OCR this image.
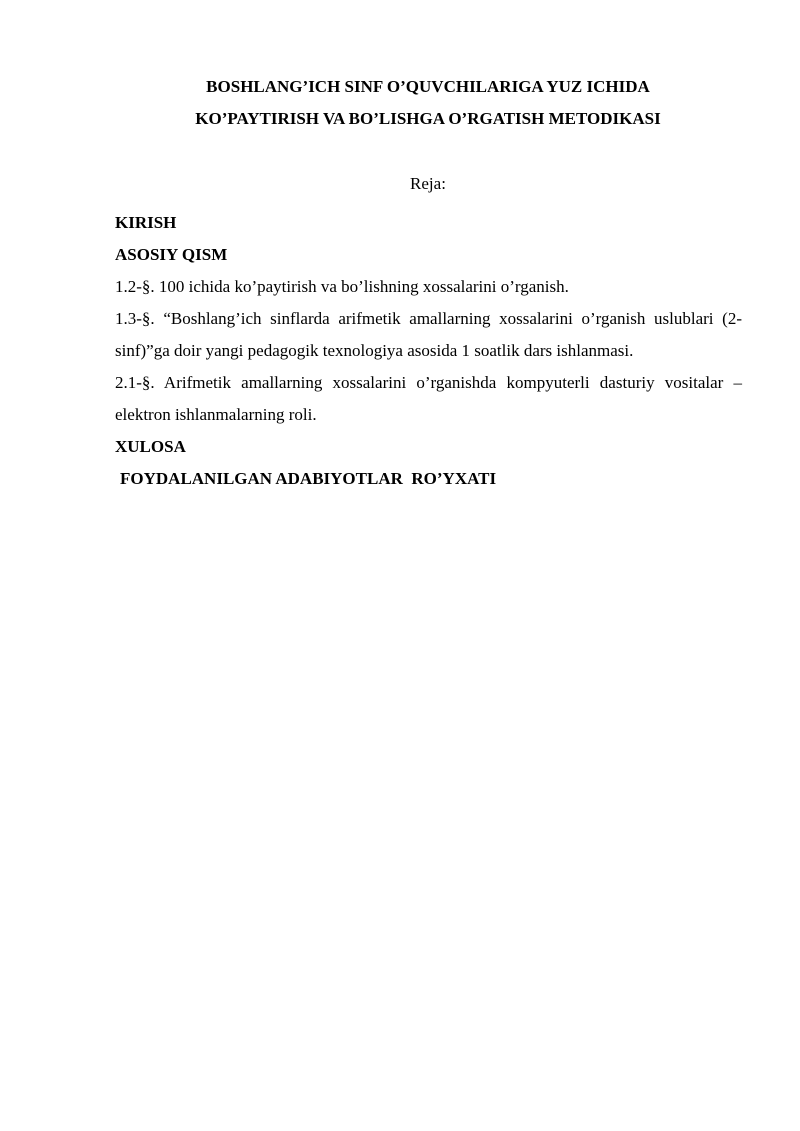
BOSHLANG’ICH SINF O’QUVCHILARIGA YUZ ICHIDA
KO’PAYTIRISH VA BO’LISHGA O’RGATISH METODIKASI
Reja:

KIRISH

ASOSIY QISM

1.2-§. 100 ichida ko’paytirish va bo’lishning xossalarini o’rganish.

1.3-§. “Boshlang’ich sinflarda arifmetik amallarning xossalarini o’rganish uslublari (2-sinf)”ga doir yangi pedagogik texnologiya asosida 1 soatlik dars ishlanmasi.

2.1-§. Arifmetik amallarning xossalarini o’rganishda kompyuterli dasturiy vositalar – elektron ishlanmalarning roli.

XULOSA

FOYDALANILGAN ADABIYOTLAR  RO’YXATI
